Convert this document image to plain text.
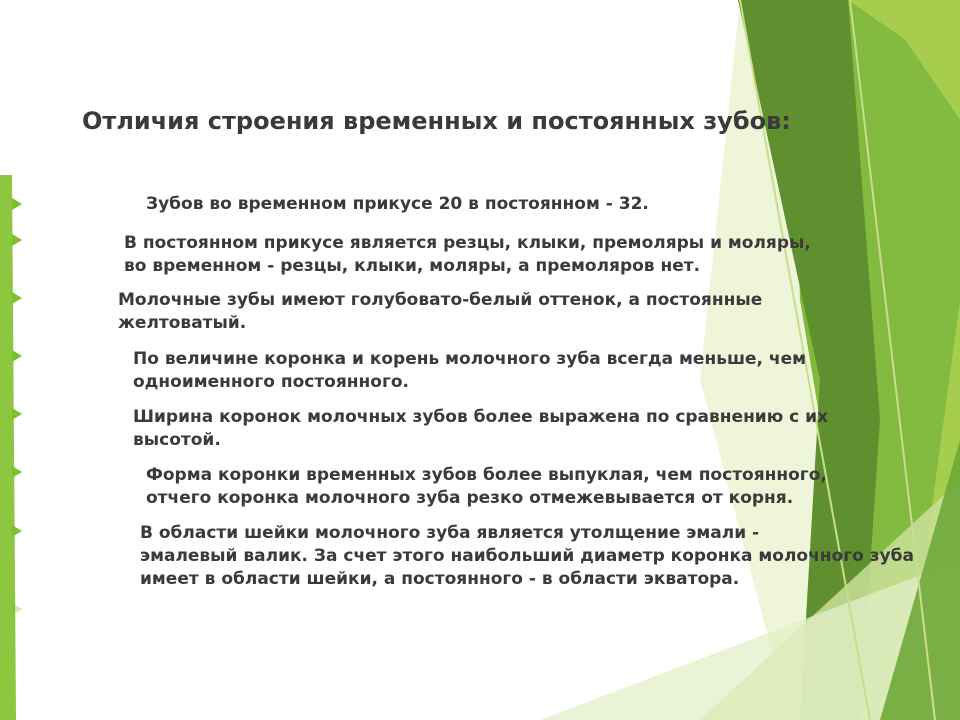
Отличия строения временных и постоянных зубов:
Зубов во временном прикусе 20 в постоянном - 32.
В постоянном прикусе является резцы, клыки, премоляры и моляры,
во временном - резцы, клыки, моляры, а премоляров нет.
Молочные зубы имеют голубовато-белый оттенок, а постоянные
желтоватый.
По величине коронка и корень молочного зуба всегда меньше, чем
одноименного постоянного.
Ширина коронок молочных зубов более выражена по сравнению с их
высотой.
Форма коронки временных зубов более выпуклая, чем постоянного,
отчего коронка молочного зуба резко отмежевывается от корня.
В области шейки молочного зуба является утолщение эмали -
эмалевый валик. За счет этого наибольший диаметр коронка молочного зуба
имеет в области шейки, а постоянного - в области экватора.
